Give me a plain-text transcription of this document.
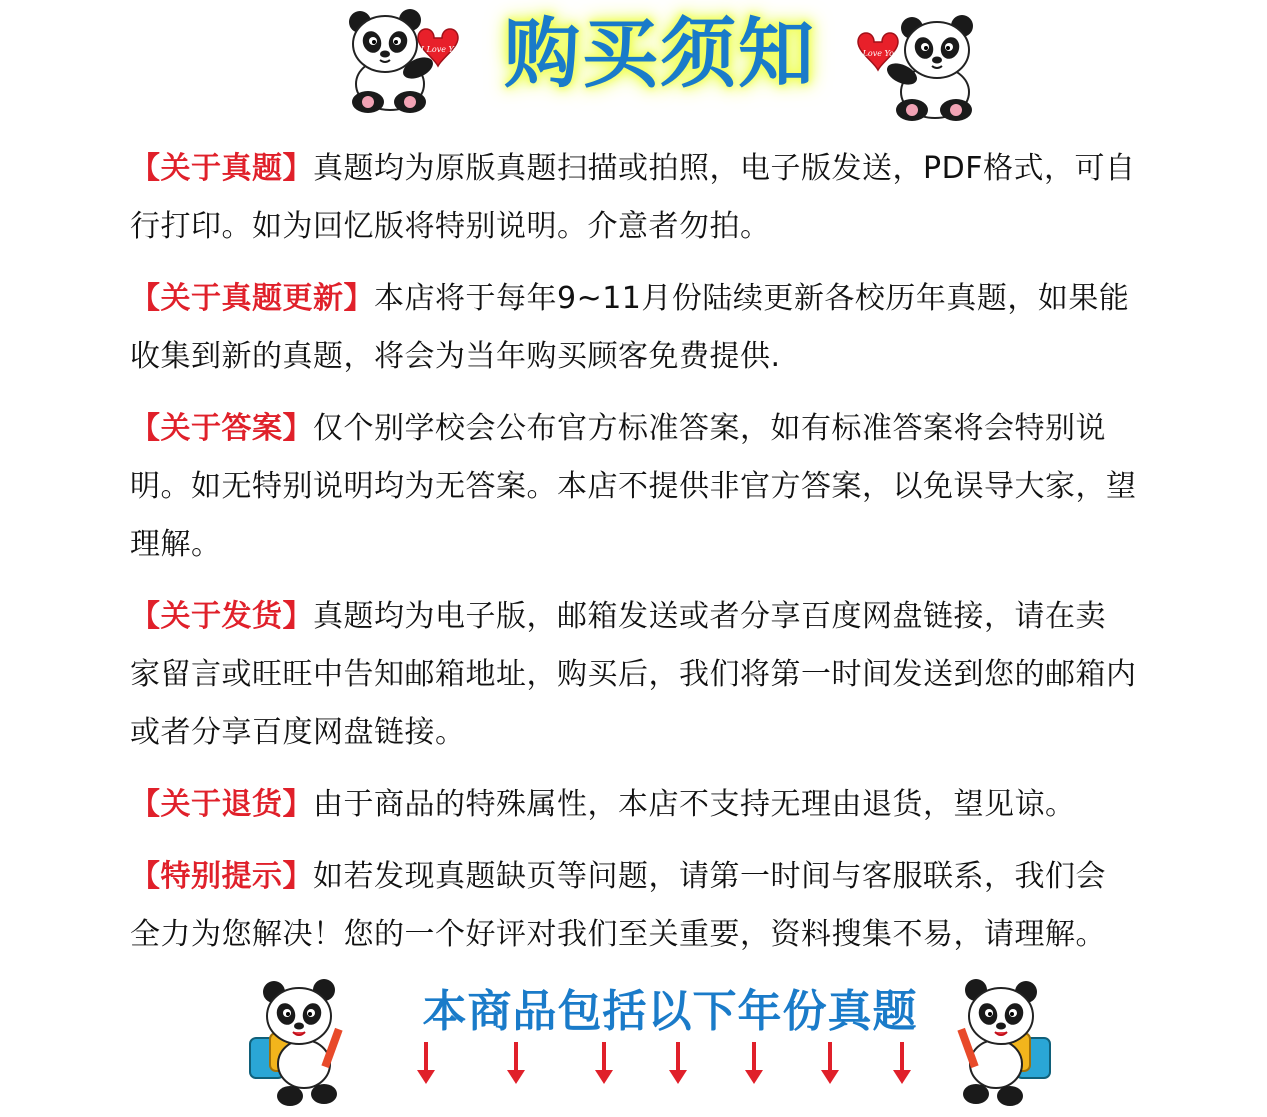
I Love You 购买须知	I Love You
【关于真题】真题均为原版真题扫描或拍照，电子版发送，PDF格式，可自
行打印。如为回忆版将特别说明。介意者勿拍。
【关于真题更新】本店将于每年9~11月份陆续更新各校历年真题，如果能
收集到新的真题，将会为当年购买顾客免费提供.
【关于答案】仅个别学校会公布官方标准答案，如有标准答案将会特别说
明。如无特别说明均为无答案。本店不提供非官方答案，以免误导大家，望
理解。
【关于发货】真题均为电子版，邮箱发送或者分享百度网盘链接，请在卖
家留言或旺旺中告知邮箱地址，购买后，我们将第一时间发送到您的邮箱内
或者分享百度网盘链接。
【关于退货】由于商品的特殊属性，本店不支持无理由退货，望见谅。
【特别提示】如若发现真题缺页等问题，请第一时间与客服联系，我们会
全力为您解决！您的一个好评对我们至关重要，资料搜集不易，请理解。
本商品包括以下年份真题
